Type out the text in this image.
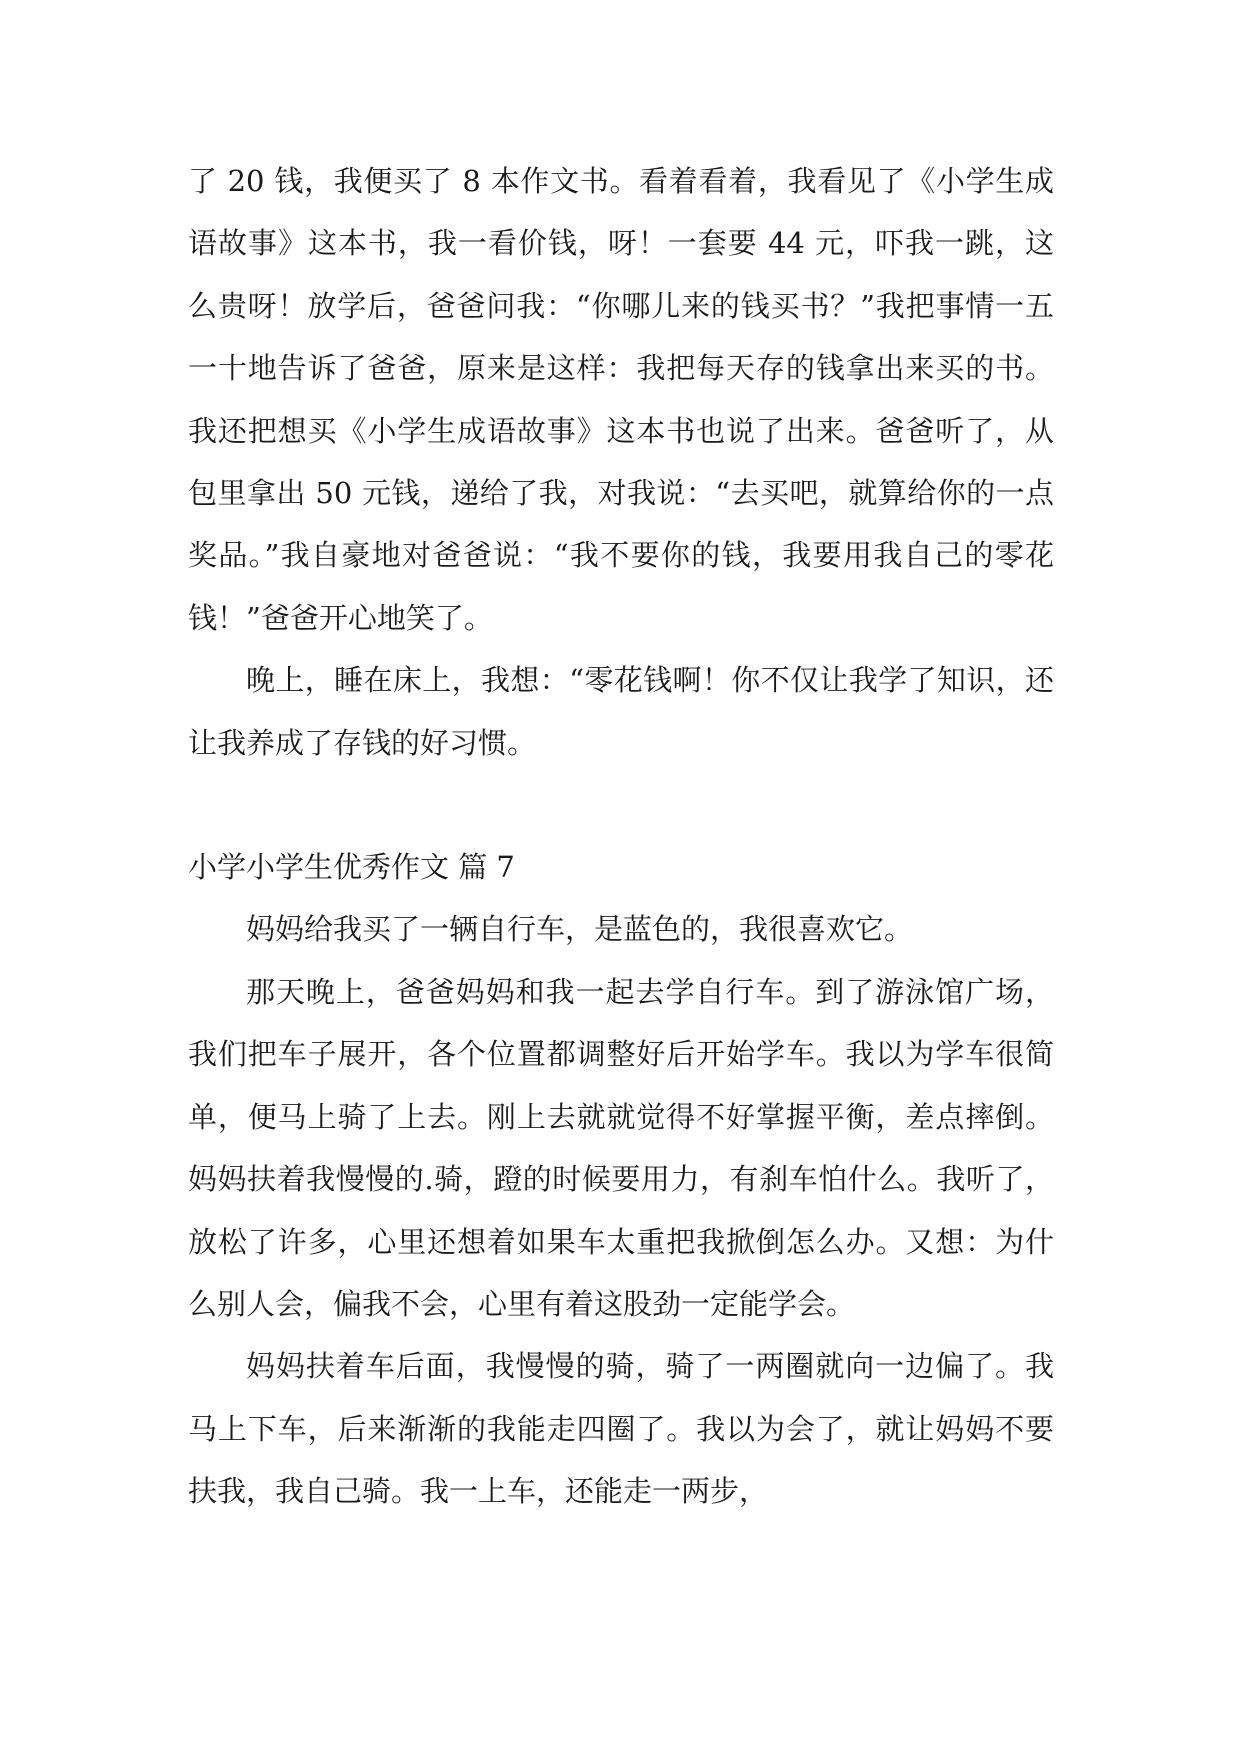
了 20 钱，我便买了 8 本作文书。看着看着，我看见了《小学生成语故事》这本书，我一看价钱，呀！一套要 44 元，吓我一跳，这么贵呀！放学后，爸爸问我：“你哪儿来的钱买书？”我把事情一五一十地告诉了爸爸，原来是这样：我把每天存的钱拿出来买的书。我还把想买《小学生成语故事》这本书也说了出来。爸爸听了，从包里拿出 50 元钱，递给了我，对我说：“去买吧，就算给你的一点奖品。”我自豪地对爸爸说：“我不要你的钱，我要用我自己的零花钱！”爸爸开心地笑了。

晚上，睡在床上，我想：“零花钱啊！你不仅让我学了知识，还让我养成了存钱的好习惯。

小学小学生优秀作文 篇 7

妈妈给我买了一辆自行车，是蓝色的，我很喜欢它。

那天晚上，爸爸妈妈和我一起去学自行车。到了游泳馆广场，我们把车子展开，各个位置都调整好后开始学车。我以为学车很简单，便马上骑了上去。刚上去就就觉得不好掌握平衡，差点摔倒。妈妈扶着我慢慢的.骑，蹬的时候要用力，有刹车怕什么。我听了，放松了许多，心里还想着如果车太重把我掀倒怎么办。又想：为什么别人会，偏我不会，心里有着这股劲一定能学会。

妈妈扶着车后面，我慢慢的骑，骑了一两圈就向一边偏了。我马上下车，后来渐渐的我能走四圈了。我以为会了，就让妈妈不要扶我，我自己骑。我一上车，还能走一两步，
